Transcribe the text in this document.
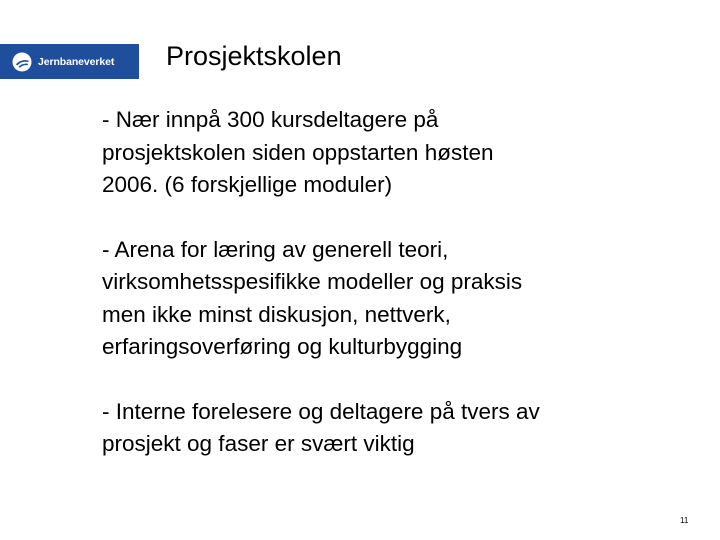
Jernbaneverket Prosjektskolen
- Nær innpå 300 kursdeltagere på
prosjektskolen siden oppstarten høsten
2006. (6 forskjellige moduler)
- Arena for læring av generell teori,
virksomhetsspesifikke modeller og praksis
men ikke minst diskusjon, nettverk,
erfaringsoverføring og kulturbygging
- Interne forelesere og deltagere på tvers av
prosjekt og faser er svært viktig
11
